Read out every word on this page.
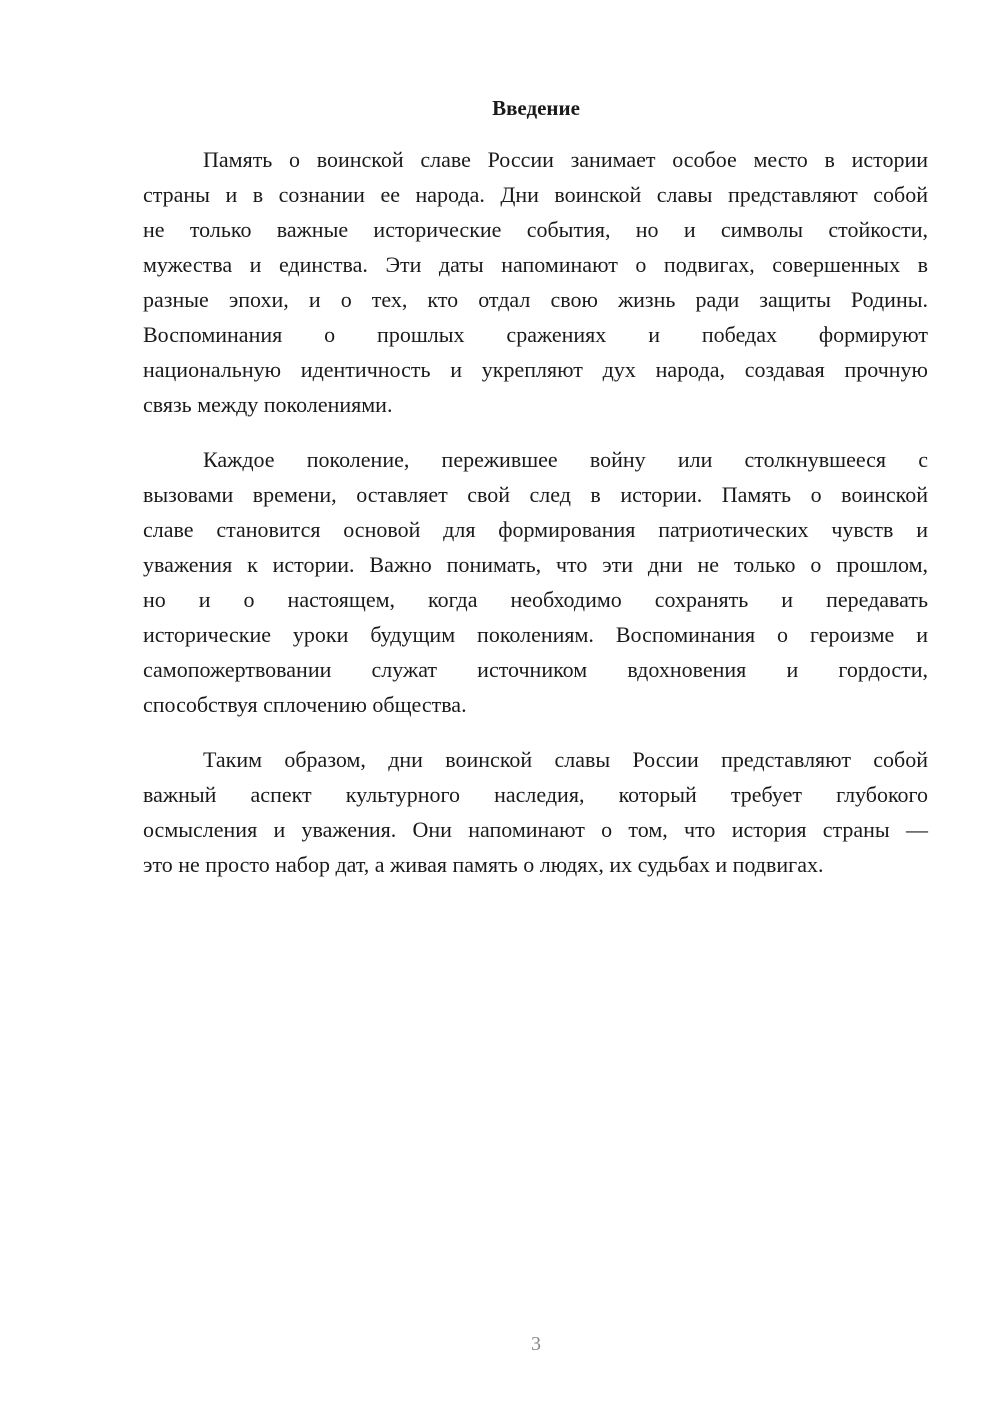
Введение
Память о воинской славе России занимает особое место в истории
страны и в сознании ее народа. Дни воинской славы представляют собой
не только важные исторические события, но и символы стойкости,
мужества и единства. Эти даты напоминают о подвигах, совершенных в
разные эпохи, и о тех, кто отдал свою жизнь ради защиты Родины.
Воспоминания о прошлых сражениях и победах формируют
национальную идентичность и укрепляют дух народа, создавая прочную
связь между поколениями.
Каждое поколение, пережившее войну или столкнувшееся с
вызовами времени, оставляет свой след в истории. Память о воинской
славе становится основой для формирования патриотических чувств и
уважения к истории. Важно понимать, что эти дни не только о прошлом,
но и о настоящем, когда необходимо сохранять и передавать
исторические уроки будущим поколениям. Воспоминания о героизме и
самопожертвовании служат источником вдохновения и гордости,
способствуя сплочению общества.
Таким образом, дни воинской славы России представляют собой
важный аспект культурного наследия, который требует глубокого
осмысления и уважения. Они напоминают о том, что история страны —
это не просто набор дат, а живая память о людях, их судьбах и подвигах.
3
